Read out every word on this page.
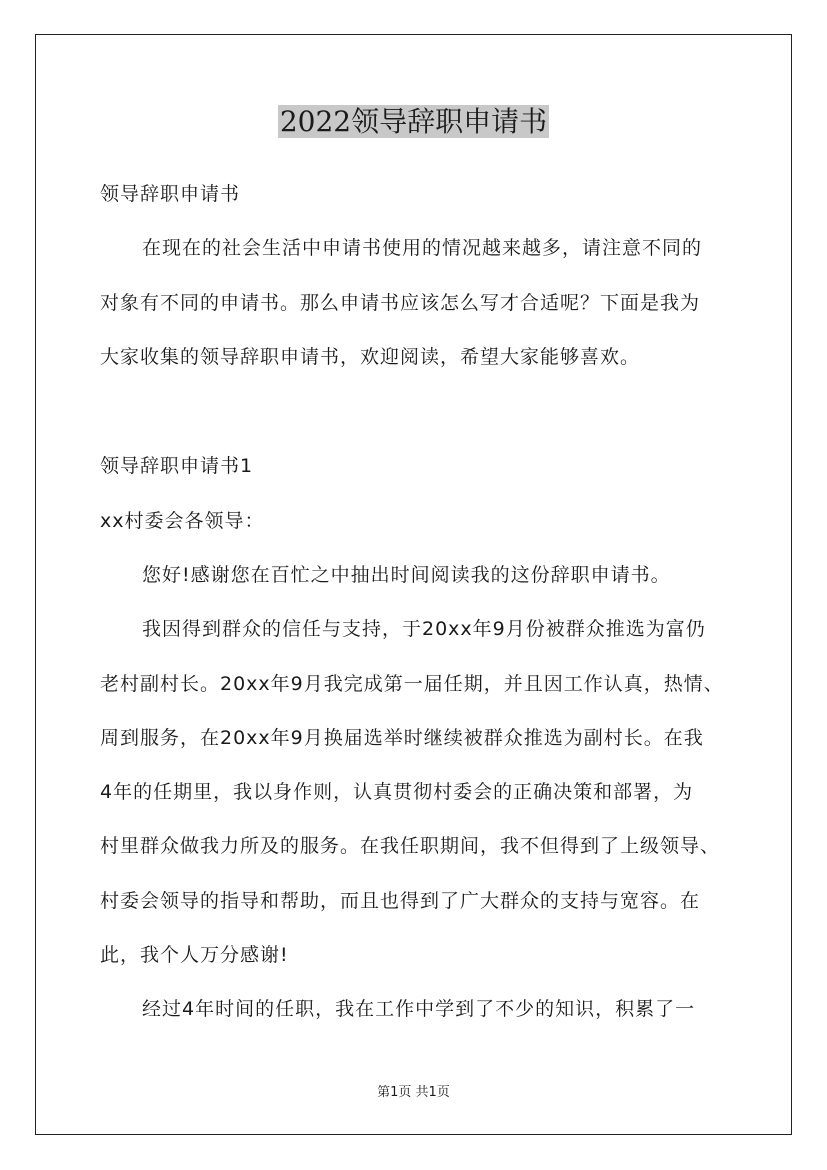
2022领导辞职申请书
领导辞职申请书
在现在的社会生活中申请书使用的情况越来越多，请注意不同的
对象有不同的申请书。那么申请书应该怎么写才合适呢？下面是我为
大家收集的领导辞职申请书，欢迎阅读，希望大家能够喜欢。
领导辞职申请书1
xx村委会各领导：
您好!感谢您在百忙之中抽出时间阅读我的这份辞职申请书。
我因得到群众的信任与支持，于20xx年9月份被群众推选为富仍
老村副村长。20xx年9月我完成第一届任期，并且因工作认真，热情、
周到服务，在20xx年9月换届选举时继续被群众推选为副村长。在我
4年的任期里，我以身作则，认真贯彻村委会的正确决策和部署，为
村里群众做我力所及的服务。在我任职期间，我不但得到了上级领导、
村委会领导的指导和帮助，而且也得到了广大群众的支持与宽容。在
此，我个人万分感谢!
经过4年时间的任职，我在工作中学到了不少的知识，积累了一
第1页 共1页
